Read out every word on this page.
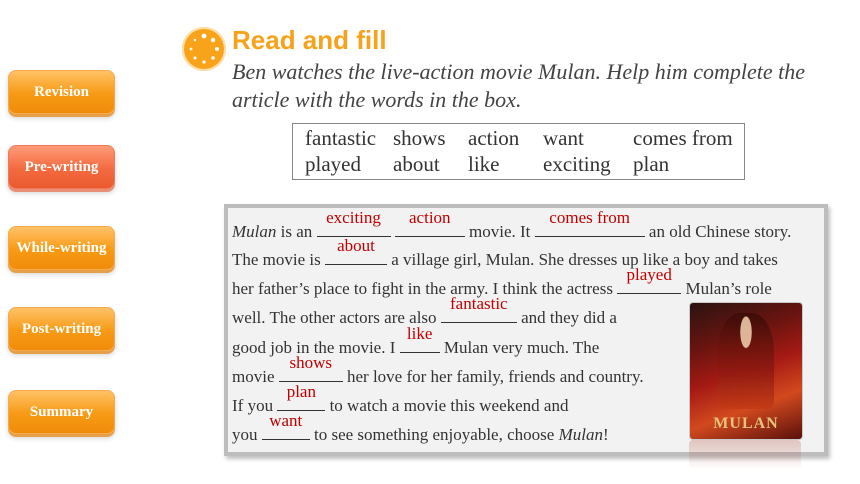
Revision
Pre-writing
While-writing
Post-writing
Summary
Read and fill
Ben watches the live-action movie Mulan. Help him complete the article with the words in the box.
fantastic shows action want comes from
played about like exciting plan
Mulan is an
exciting
	action
movie. It
comes from
an old Chinese story.
The movie is
about
a village girl, Mulan. She dresses up like a boy and takes
her father’s place to fight in the army. I think the actress
played
Mulan’s role
well. The other actors are also
fantastic
and they did a
good job in the movie. I
like
Mulan very much. The
movie
shows
her love for her family, friends and country.
If you
plan
to watch a movie this weekend and
you
want
to see something enjoyable, choose Mulan!
MULAN
